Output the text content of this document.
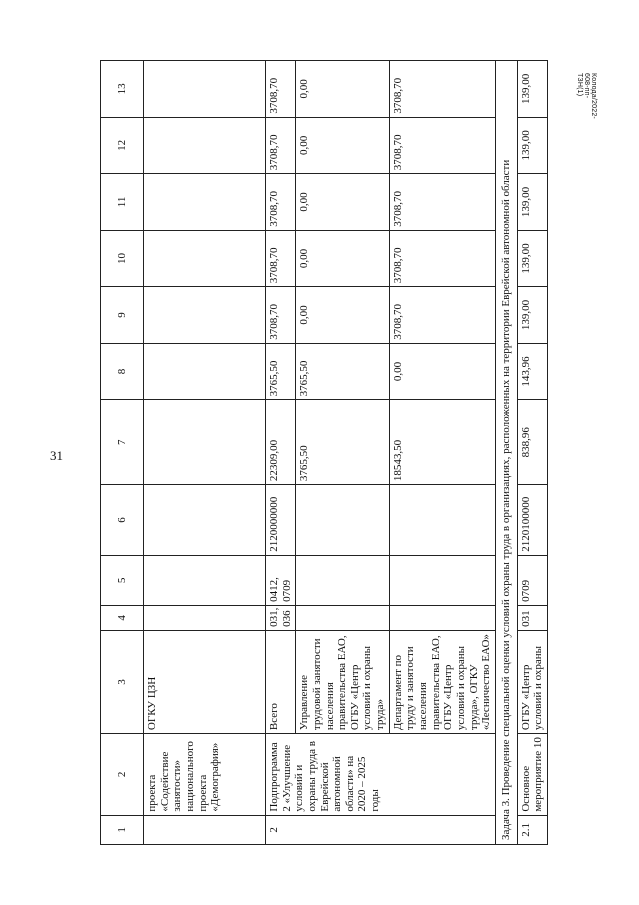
31
Колода/2022-608-пп-ТЗН(1)
1	2	3	4	5	6	7	8	9	10	11	12	13
	проекта «Содействие занятости» национального проекта «Демография»	ОГКУ ЦЗН										
2	Подпрограмма 2 «Улучшение условий и охраны труда в Еврейской автономной области» на 2020 – 2025 годы	Всего	031, 036	0412, 0709	2120000000	22309,00	3765,50	3708,70	3708,70	3708,70	3708,70	3708,70
		Управление трудовой занятости населения правительства ЕАО, ОГБУ «Центр условий и охраны труда»				3765,50	3765,50	0,00	0,00	0,00	0,00	0,00
		Департамент по труду и занятости населения правительства ЕАО, ОГБУ «Центр условий и охраны труда», ОГКУ «Лесничество ЕАО»				18543,50	0,00	3708,70	3708,70	3708,70	3708,70	3708,70
Задача 3. Проведение специальной оценки условий охраны труда в организациях, расположенных на территории Еврейской автономной области												
2.1	Основное мероприятие 10	ОГБУ «Центр условий и охраны	031	0709	2120100000	838,96	143,96	139,00	139,00	139,00	139,00	139,00
